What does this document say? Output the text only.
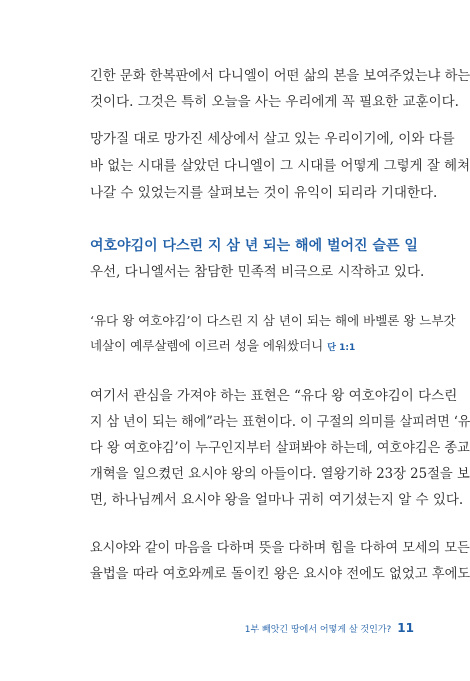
긴한 문화 한복판에서 다니엘이 어떤 삶의 본을 보여주었는냐 하는
것이다. 그것은 특히 오늘을 사는 우리에게 꼭 필요한 교훈이다.
망가질 대로 망가진 세상에서 살고 있는 우리이기에, 이와 다를
바 없는 시대를 살았던 다니엘이 그 시대를 어떻게 그렇게 잘 헤쳐
나갈 수 있었는지를 살펴보는 것이 유익이 되리라 기대한다.
여호야김이 다스린 지 삼 년 되는 해에 벌어진 슬픈 일
우선, 다니엘서는 참담한 민족적 비극으로 시작하고 있다.
‘유다 왕 여호야김’이 다스린 지 삼 년이 되는 해에 바벨론 왕 느부갓
네살이 예루살렘에 이르러 성을 에워쌌더니 단 1:1
여기서 관심을 가져야 하는 표현은 “유다 왕 여호야김이 다스린
지 삼 년이 되는 해에”라는 표현이다. 이 구절의 의미를 살피려면 ‘유
다 왕 여호야김’이 누구인지부터 살펴봐야 하는데, 여호야김은 종교
개혁을 일으켰던 요시야 왕의 아들이다. 열왕기하 23장 25절을 보
면, 하나님께서 요시야 왕을 얼마나 귀히 여기셨는지 알 수 있다.
요시야와 같이 마음을 다하며 뜻을 다하며 힘을 다하여 모세의 모든
율법을 따라 여호와께로 돌이킨 왕은 요시야 전에도 없었고 후에도
1부 빼앗긴 땅에서 어떻게 살 것인가? 11
